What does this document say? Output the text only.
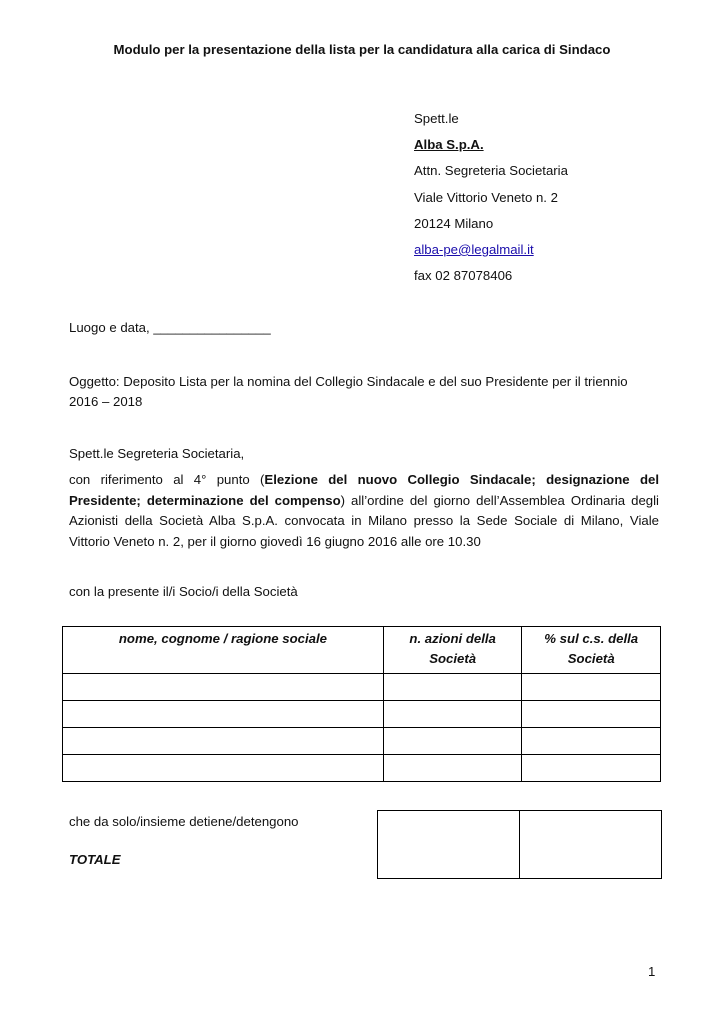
Modulo per la presentazione della lista per la candidatura alla carica di Sindaco
Spett.le
Alba S.p.A.
Attn. Segreteria Societaria
Viale Vittorio Veneto n. 2
20124 Milano
alba-pe@legalmail.it
fax 02 87078406
Luogo e data, ________________
Oggetto: Deposito Lista per la nomina del Collegio Sindacale e del suo Presidente per il triennio 2016 – 2018
Spett.le Segreteria Societaria,
con riferimento al 4° punto (Elezione del nuovo Collegio Sindacale; designazione del Presidente; determinazione del compenso) all’ordine del giorno dell’Assemblea Ordinaria degli Azionisti della Società Alba S.p.A. convocata in Milano presso la Sede Sociale di Milano, Viale Vittorio Veneto n. 2, per il giorno giovedì 16 giugno 2016 alle ore 10.30
con la presente il/i Socio/i della Società
nome, cognome / ragione sociale	n. azioni della Società	% sul c.s. della Società

che da solo/insieme detiene/detengono
TOTALE

1
